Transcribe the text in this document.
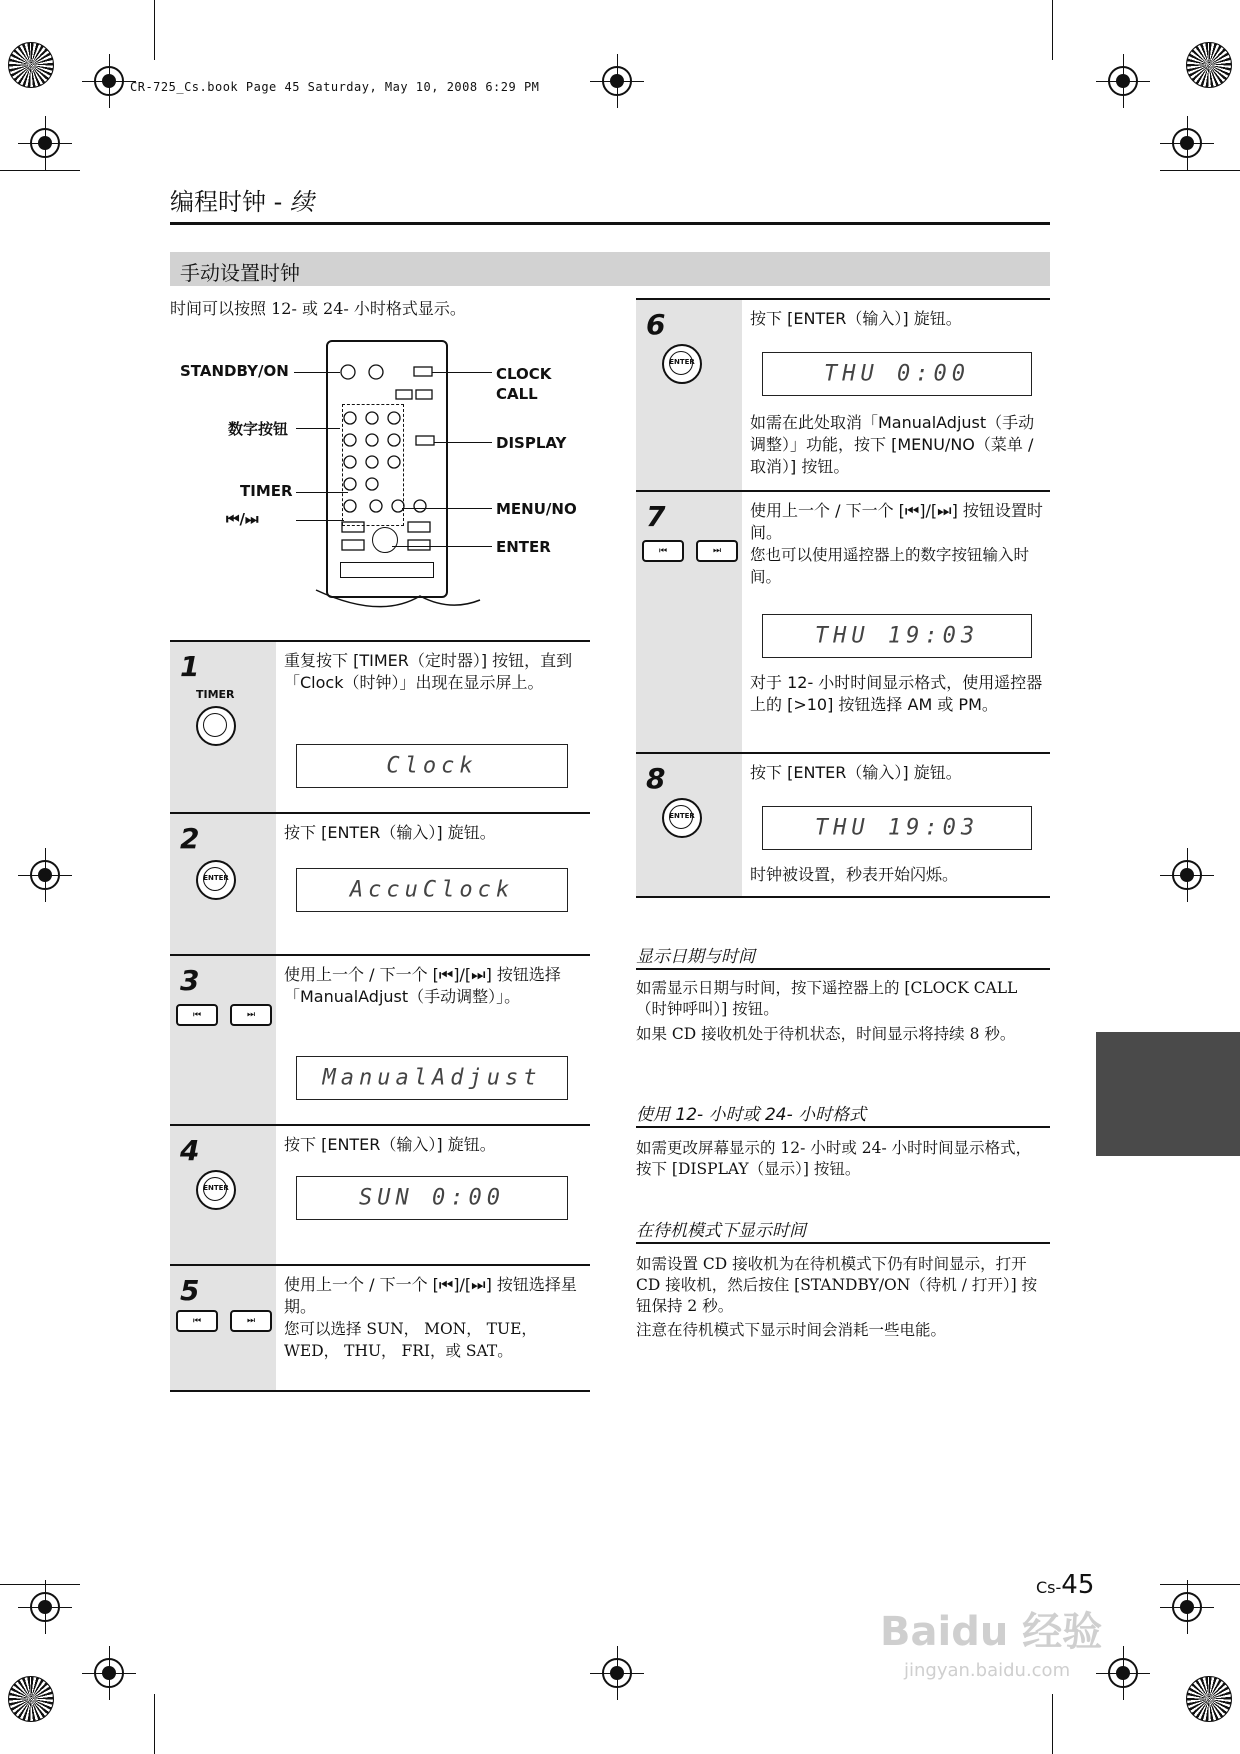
CR-725_Cs.book Page 45 Saturday, May 10, 2008 6:29 PM
编程时钟 - 续
手动设置时钟
时间可以按照 12- 或 24- 小时格式显示。
STANDBY/ON
数字按钮
TIMER
⏮/⏭
CLOCK
CALL
DISPLAY
MENU/NO
ENTER
1
TIMER
重复按下 [TIMER（定时器）] 按钮，直到「Clock（时钟）」出现在显示屏上。
Clock
2
ENTER
按下 [ENTER（输入）] 旋钮。
AccuClock
3
⏮	⏭
使用上一个 / 下一个 [⏮]/[⏭] 按钮选择「ManualAdjust（手动调整）」。
ManualAdjust
4
ENTER
按下 [ENTER（输入）] 旋钮。
SUN 0:00
5
⏮	⏭
使用上一个 / 下一个 [⏮]/[⏭] 按钮选择星期。
您可以选择 SUN， MON， TUE， WED， THU， FRI，或 SAT。
6
ENTER
按下 [ENTER（输入）] 旋钮。
THU 0:00
如需在此处取消「ManualAdjust（手动调整）」功能，按下 [MENU/NO（菜单 / 取消）] 按钮。
7
⏮	⏭
使用上一个 / 下一个 [⏮]/[⏭] 按钮设置时间。
您也可以使用遥控器上的数字按钮输入时间。
THU 19:03
对于 12- 小时时间显示格式，使用遥控器上的 [>10] 按钮选择 AM 或 PM。
8
ENTER
按下 [ENTER（输入）] 旋钮。
THU 19:03
时钟被设置，秒表开始闪烁。
显示日期与时间
如需显示日期与时间，按下遥控器上的 [CLOCK CALL（时钟呼叫）] 按钮。
如果 CD 接收机处于待机状态，时间显示将持续 8 秒。
使用 12- 小时或 24- 小时格式
如需更改屏幕显示的 12- 小时或 24- 小时时间显示格式，按下 [DISPLAY（显示）] 按钮。
在待机模式下显示时间
如需设置 CD 接收机为在待机模式下仍有时间显示，打开 CD 接收机，然后按住 [STANDBY/ON（待机 / 打开）] 按钮保持 2 秒。
注意在待机模式下显示时间会消耗一些电能。
Cs-45
Baidu 经验
jingyan.baidu.com
